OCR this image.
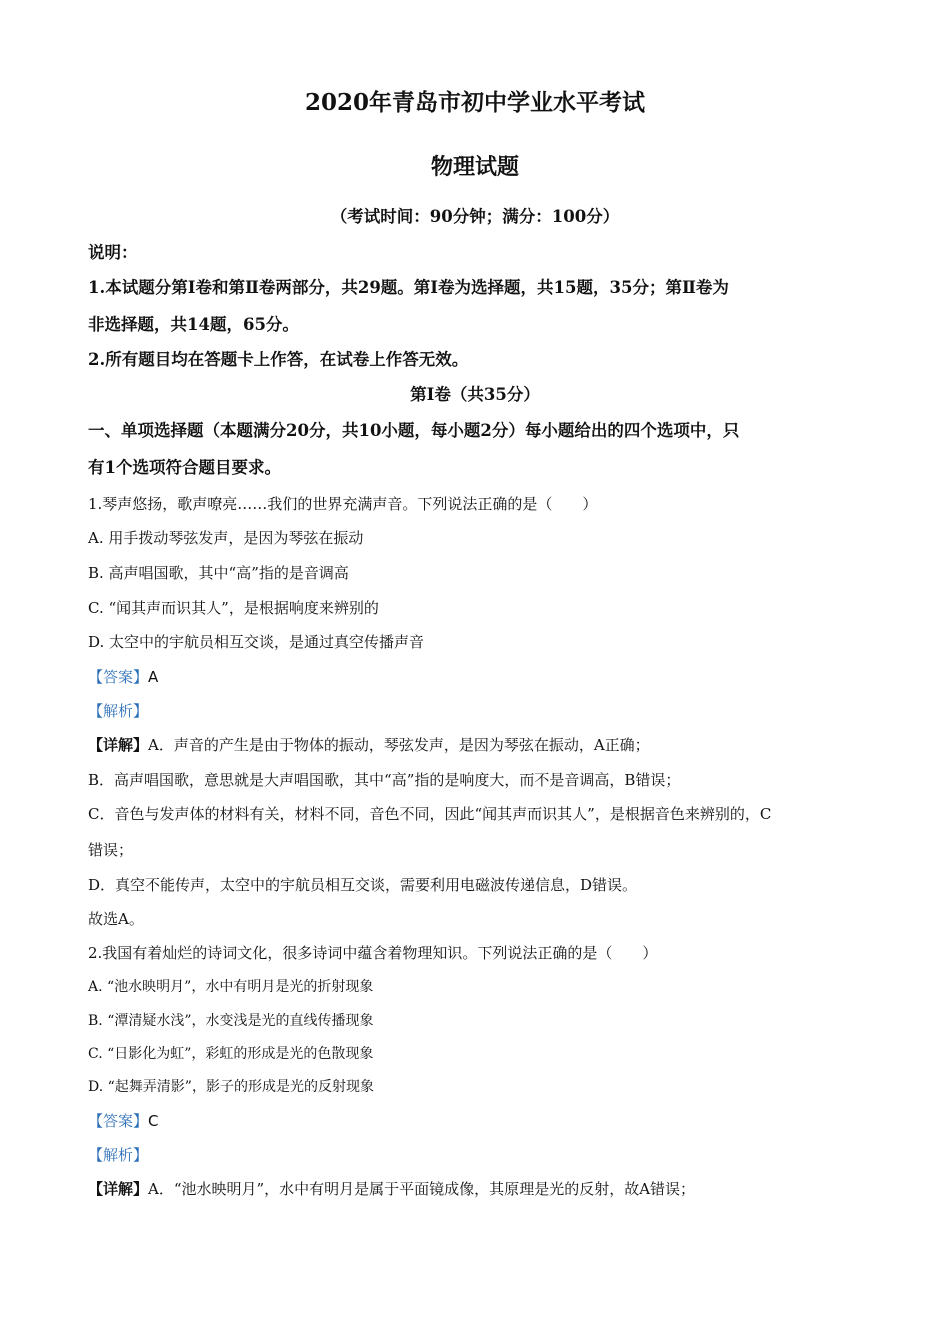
2020年青岛市初中学业水平考试
物理试题
（考试时间：90分钟；满分：100分）
说明：
1.本试题分第Ⅰ卷和第Ⅱ卷两部分，共29题。第Ⅰ卷为选择题，共15题，35分；第Ⅱ卷为
非选择题，共14题，65分。
2.所有题目均在答题卡上作答，在试卷上作答无效。
第Ⅰ卷（共35分）
一、单项选择题（本题满分20分，共10小题，每小题2分）每小题给出的四个选项中，只
有1个选项符合题目要求。
1.琴声悠扬，歌声嘹亮……我们的世界充满声音。下列说法正确的是（　　）
A. 用手拨动琴弦发声，是因为琴弦在振动
B. 高声唱国歌，其中“高”指的是音调高
C. “闻其声而识其人”，是根据响度来辨别的
D. 太空中的宇航员相互交谈，是通过真空传播声音
【答案】A
【解析】
【详解】A．声音的产生是由于物体的振动，琴弦发声，是因为琴弦在振动，A正确；
B．高声唱国歌，意思就是大声唱国歌，其中“高”指的是响度大，而不是音调高，B错误；
C．音色与发声体的材料有关，材料不同，音色不同，因此“闻其声而识其人”，是根据音色来辨别的，C
错误；
D．真空不能传声，太空中的宇航员相互交谈，需要利用电磁波传递信息，D错误。
故选A。
2.我国有着灿烂的诗词文化，很多诗词中蕴含着物理知识。下列说法正确的是（　　）
A. “池水映明月”，水中有明月是光的折射现象
B. “潭清疑水浅”，水变浅是光的直线传播现象
C. “日影化为虹”，彩虹的形成是光的色散现象
D. “起舞弄清影”，影子的形成是光的反射现象
【答案】C
【解析】
【详解】A．“池水映明月”，水中有明月是属于平面镜成像，其原理是光的反射，故A错误；
